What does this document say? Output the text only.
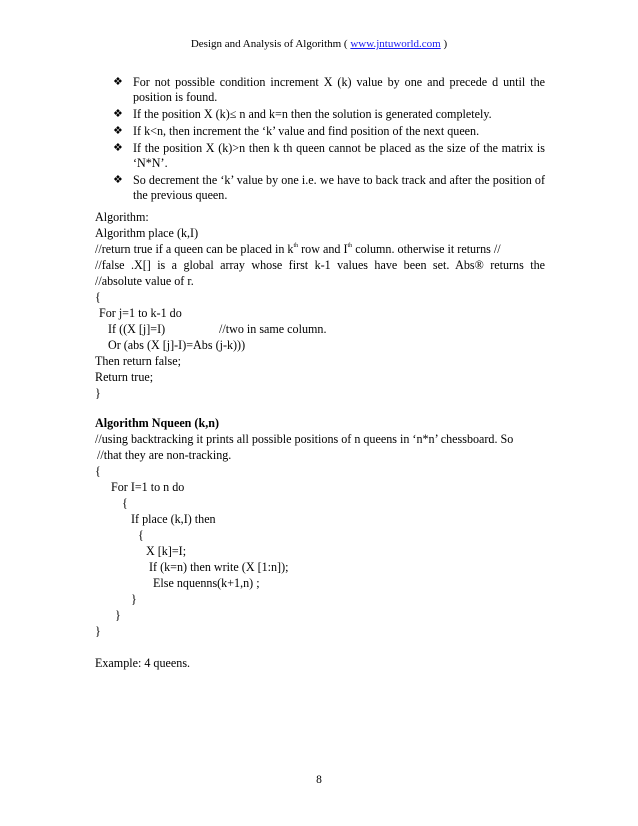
Design and Analysis of Algorithm ( www.jntuworld.com )
❖ For not possible condition increment X (k) value by one and precede d until the position is found.
❖ If the position X (k)≤ n and k=n then the solution is generated completely.
❖ If k<n, then increment the ‘k’ value and find position of the next queen.
❖ If the position X (k)>n then k th queen cannot be placed as the size of the matrix is ‘N*N’.
❖ So decrement the ‘k’ value by one i.e. we have to back track and after the position of the previous queen.
Algorithm:
Algorithm place (k,I)
//return true if a queen can be placed in $k^{th}$ row and Ith column. otherwise it returns //
//false .X[] is a global array whose first k-1 values have been set. Abs® returns the
//absolute value of r.
{
For j=1 to k-1 do
If ((X [j]=I)	//two in same column.
Or (abs (X [j]-I)=Abs (j-k)))
Then return false;
Return true;
}
Algorithm Nqueen (k,n)
//using backtracking it prints all possible positions of n queens in ‘n*n’ chessboard. So
//that they are non-tracking.
{
For I=1 to n do
{
If place (k,I) then
{
X [k]=I;
If (k=n) then write (X [1:n]);
Else nquenns(k+1,n) ;
}
}
}
Example: 4 queens.
8
